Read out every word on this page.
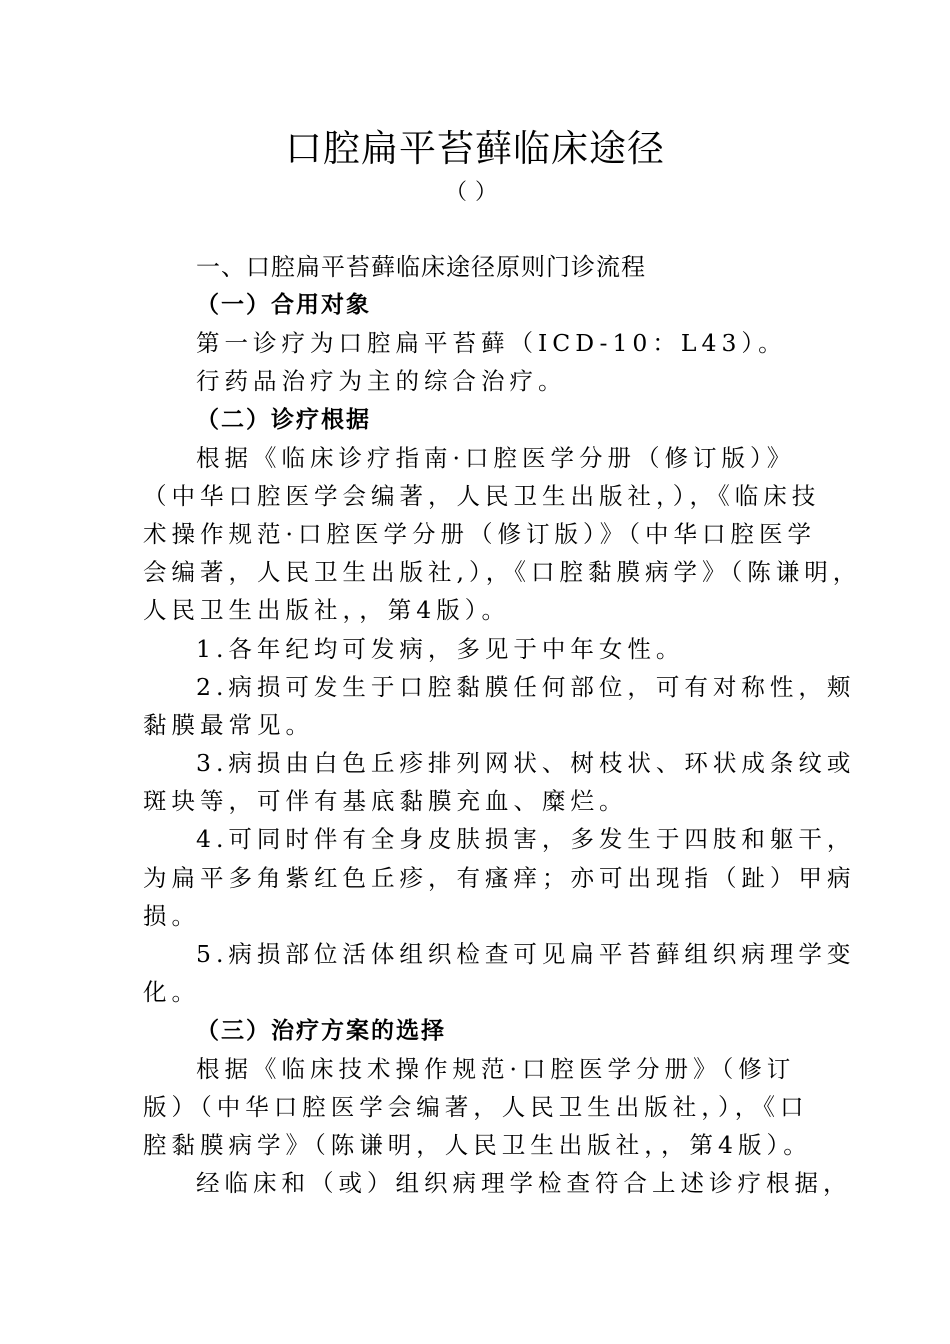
口腔扁平苔藓临床途径
（）
一、口腔扁平苔藓临床途径原则门诊流程
（一）合用对象
第一诊疗为口腔扁平苔藓（ICD-10：L43）。
行药品治疗为主的综合治疗。
（二）诊疗根据
根据《临床诊疗指南·口腔医学分册（修订版）》
（中华口腔医学会编著，人民卫生出版社，），《临床技
术操作规范·口腔医学分册（修订版）》（中华口腔医学
会编著，人民卫生出版社,），《口腔黏膜病学》（陈谦明，
人民卫生出版社，，第4版）。
1.各年纪均可发病，多见于中年女性。
2.病损可发生于口腔黏膜任何部位，可有对称性，颊
黏膜最常见。
3.病损由白色丘疹排列网状、树枝状、环状成条纹或
斑块等，可伴有基底黏膜充血、糜烂。
4.可同时伴有全身皮肤损害，多发生于四肢和躯干，
为扁平多角紫红色丘疹，有瘙痒；亦可出现指（趾）甲病
损。
5.病损部位活体组织检查可见扁平苔藓组织病理学变
化。
（三）治疗方案的选择
根据《临床技术操作规范·口腔医学分册》（修订
版）（中华口腔医学会编著，人民卫生出版社，），《口
腔黏膜病学》（陈谦明，人民卫生出版社，，第4版）。
经临床和（或）组织病理学检查符合上述诊疗根据，
